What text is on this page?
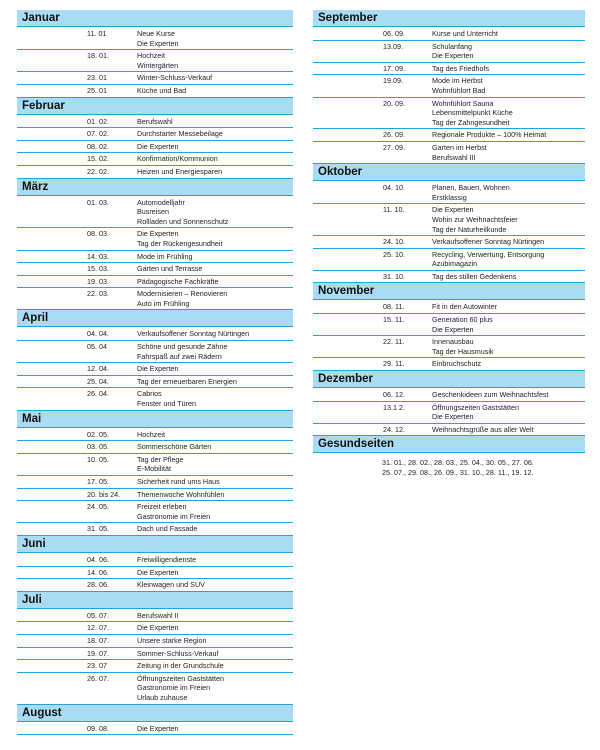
Januar
11. 01	Neue Kurse
Die Experten
18. 01.	Hochzeit
Wintergärten
23. 01	Winter-Schluss-Verkauf
25. 01	Küche und Bad
Februar
01. 02.	Berufswahl
07. 02.	Durchstarter Messebeilage
08. 02.	Die Experten
15. 02.	Konfirmation/Kommunion
22. 02.	Heizen und Energiesparen
März
01. 03.	Automodelljahr
Busreisen
Rollladen und Sonnenschutz
08. 03.	Die Experten
Tag der Rückengesundheit
14. 03.	Mode im Frühling
15. 03.	Garten und Terrasse
19. 03.	Pädagogische Fachkräfte
22. 03.	Modernisieren – Renovieren
Auto im Frühling
April
04. 04.	Verkaufsoffener Sonntag Nürtingen
05. 04	Schöne und gesunde Zähne
Fahrspaß auf zwei Rädern
12. 04.	Die Experten
25. 04.	Tag der erneuerbaren Energien
26. 04.	Cabrios
Fenster und Türen
Mai
02. 05.	Hochzeit
03. 05.	Sommerschöne Gärten
10. 05.	Tag der Pflege
E-Mobilität
17. 05.	Sicherheit rund ums Haus
20. bis 24. Themenwoche Wohnfühlen
24. 05.	Freizeit erleben
Gastronomie im Freien
31. 05.	Dach und Fassade
Juni
04. 06.	Freiwilligendienste
14. 06.	Die Experten
28. 06.	Kleinwagen und SUV
Juli
05. 07.	Berufswahl II
12. 07.	Die Experten
18. 07.	Unsere starke Region
19. 07.	Sommer-Schluss-Verkauf
23. 07	Zeitung in der Grundschule
26. 07.	Öffnungszeiten Gaststätten
Gastronomie im Freien
Urlaub zuhause
August
09. 08.	Die Experten
September
06. 09.	Kurse und Unterricht
13.09.	Schulanfang
Die Experten
17. 09.	Tag des Friedhofs
19.09.	Mode im Herbst
Wohnfühlort Bad
20. 09.	Wohnfühlort Sauna
Lebensmittelpunkt Küche
Tag der Zahngesundheit
26. 09.	Regionale Produkte – 100% Heimat
27. 09.	Garten im Herbst
Berufswahl III
Oktober
04. 10.	Planen, Bauen, Wohnen
Erstklassig
11. 10.	Die Experten
Wohin zur Weihnachtsfeier
Tag der Naturheilkunde
24. 10.	Verkaufsoffener Sonntag Nürtingen
25. 10.	Recycling, Verwertung, Entsorgung
Azubimagazin
31. 10.	Tag des stillen Gedenkens
November
08. 11.	Fit in den Autowinter
15. 11.	Generation 60 plus
Die Experten
22. 11.	Innenausbau
Tag der Hausmusik
29. 11.	Einbruchschutz
Dezember
06. 12.	Geschenkideen zum Weihnachtsfest
13.1 2.	Öffnungszeiten Gaststätten
Die Experten
24. 12.	Weihnachtsgrüße aus aller Welt
Gesundseiten
31. 01., 28. 02., 28. 03., 25. 04., 30. 05., 27. 06.
25. 07., 29. 08., 26. 09., 31. 10., 28. 11., 19. 12.
